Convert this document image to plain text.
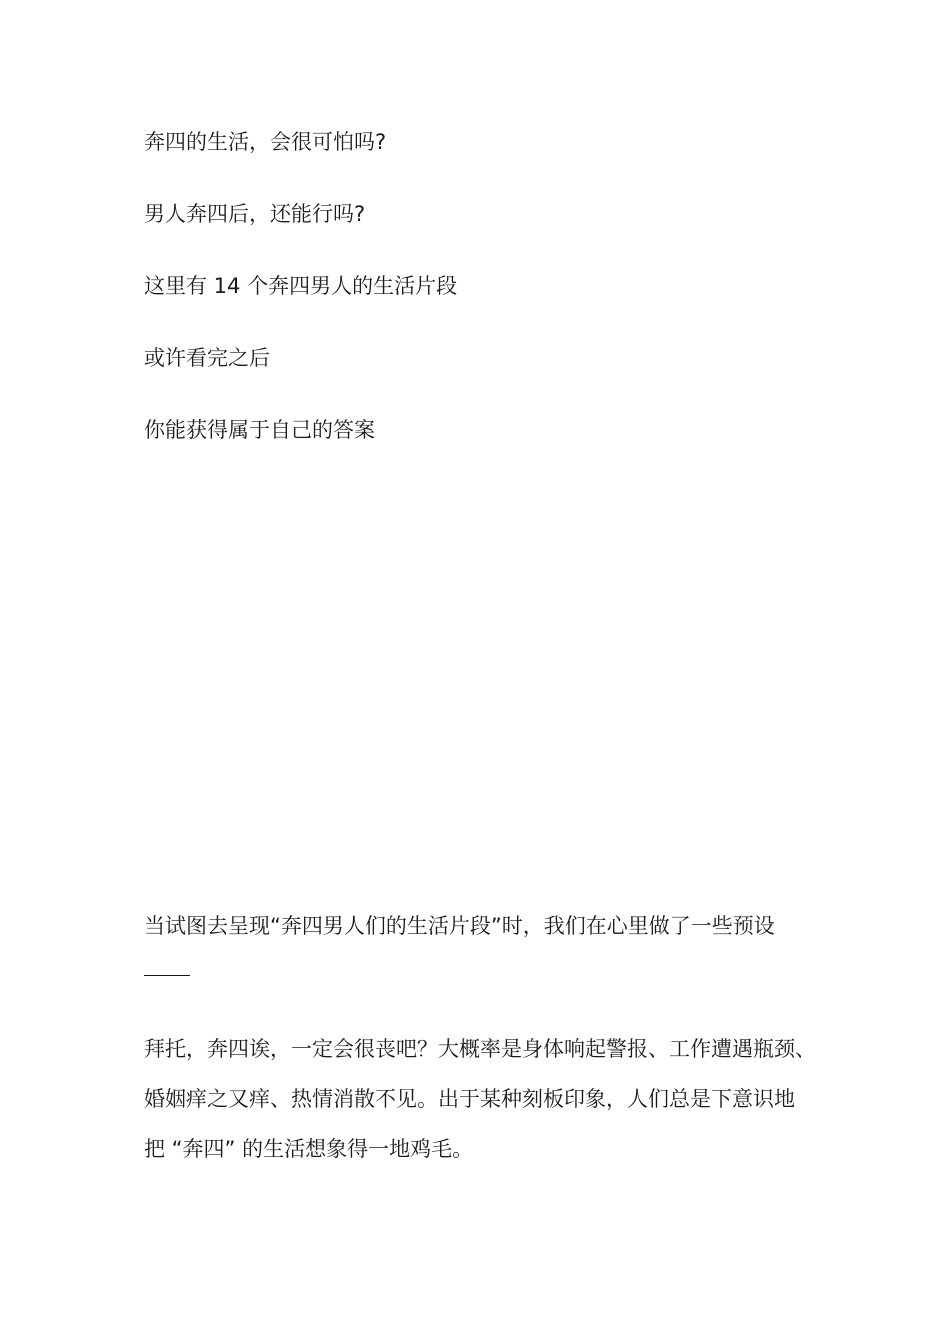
奔四的生活，会很可怕吗?
男人奔四后，还能行吗?
这里有 14 个奔四男人的生活片段
或许看完之后
你能获得属于自己的答案
当试图去呈现“奔四男人们的生活片段”时，我们在心里做了一些预设
拜托，奔四诶，一定会很丧吧？大概率是身体响起警报、工作遭遇瓶颈、
婚姻痒之又痒、热情消散不见。出于某种刻板印象，人们总是下意识地
把 “奔四” 的生活想象得一地鸡毛。
